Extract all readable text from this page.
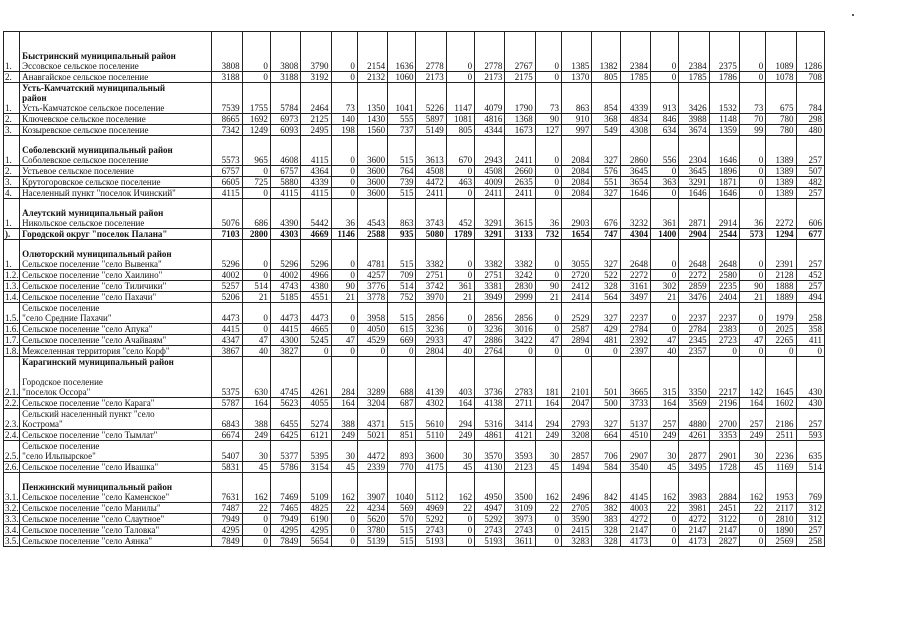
1.	Быстринский муниципальный район
Эссовское сельское поселение	3808	0	3808	3790	0	2154	1636	2778	0	2778	2767	0	1385	1382	2384	0	2384	2375	0	1089	1286
2.	Анавгайское сельское поселение	3188	0	3188	3192	0	2132	1060	2173	0	2173	2175	0	1370	805	1785	0	1785	1786	0	1078	708
1.	Усть-Камчатский муниципальный
район
Усть-Камчатское сельское поселение	7539	1755	5784	2464	73	1350	1041	5226	1147	4079	1790	73	863	854	4339	913	3426	1532	73	675	784
2.	Ключевское сельское поселение	8665	1692	6973	2125	140	1430	555	5897	1081	4816	1368	90	910	368	4834	846	3988	1148	70	780	298
3.	Козыревское сельское поселение	7342	1249	6093	2495	198	1560	737	5149	805	4344	1673	127	997	549	4308	634	3674	1359	99	780	480
1.	Соболевский муниципальный район
Соболевское сельское поселение	5573	965	4608	4115	0	3600	515	3613	670	2943	2411	0	2084	327	2860	556	2304	1646	0	1389	257
2.	Устьевое сельское поселение	6757	0	6757	4364	0	3600	764	4508	0	4508	2660	0	2084	576	3645	0	3645	1896	0	1389	507
3.	Крутогоровское сельское поселение	6605	725	5880	4339	0	3600	739	4472	463	4009	2635	0	2084	551	3654	363	3291	1871	0	1389	482
4.	Населенный пункт "поселок Ичинский"	4115	0	4115	4115	0	3600	515	2411	0	2411	2411	0	2084	327	1646	0	1646	1646	0	1389	257
1.	Алеутский муниципальный район
Никольское сельское поселение	5076	686	4390	5442	36	4543	863	3743	452	3291	3615	36	2903	676	3232	361	2871	2914	36	2272	606
).	Городской округ "поселок Палана"	7103	2800	4303	4669	1146	2588	935	5080	1789	3291	3133	732	1654	747	4304	1400	2904	2544	573	1294	677
1.	Олюторский муниципальный район
Сельское поселение "село Вывенка"	5296	0	5296	5296	0	4781	515	3382	0	3382	3382	0	3055	327	2648	0	2648	2648	0	2391	257
1.2.	Сельское поселение "село Хаилино"	4002	0	4002	4966	0	4257	709	2751	0	2751	3242	0	2720	522	2272	0	2272	2580	0	2128	452
1.3.	Сельское поселение "село Тиличики"	5257	514	4743	4380	90	3776	514	3742	361	3381	2830	90	2412	328	3161	302	2859	2235	90	1888	257
1.4.	Сельское поселение "село Пахачи"	5206	21	5185	4551	21	3778	752	3970	21	3949	2999	21	2414	564	3497	21	3476	2404	21	1889	494
1.5.	Сельское поселение
"село Средние Пахачи"	4473	0	4473	4473	0	3958	515	2856	0	2856	2856	0	2529	327	2237	0	2237	2237	0	1979	258
1.6.	Сельское поселение "село Апука"	4415	0	4415	4665	0	4050	615	3236	0	3236	3016	0	2587	429	2784	0	2784	2383	0	2025	358
1.7.	Сельское поселение "село Ачайваям"	4347	47	4300	5245	47	4529	669	2933	47	2886	3422	47	2894	481	2392	47	2345	2723	47	2265	411
1.8.	Межселенная территория "село Корф"	3867	40	3827	0	0	0	0	2804	40	2764	0	0	0	0	2397	40	2357	0	0	0	0
2.1.	Карагинский муниципальный район

Городское поселение
"поселок Оссора"	5375	630	4745	4261	284	3289	688	4139	403	3736	2783	181	2101	501	3665	315	3350	2217	142	1645	430
2.2.	Сельское поселение "село Карага"	5787	164	5623	4055	164	3204	687	4302	164	4138	2711	164	2047	500	3733	164	3569	2196	164	1602	430
2.3.	Сельский населенный пункт "село
Кострома"	6843	388	6455	5274	388	4371	515	5610	294	5316	3414	294	2793	327	5137	257	4880	2700	257	2186	257
2.4.	Сельское поселение "село Тымлат"	6674	249	6425	6121	249	5021	851	5110	249	4861	4121	249	3208	664	4510	249	4261	3353	249	2511	593
2.5.	Сельское поселение
"село Ильпырское"	5407	30	5377	5395	30	4472	893	3600	30	3570	3593	30	2857	706	2907	30	2877	2901	30	2236	635
2.6.	Сельское поселение "село Ивашка"	5831	45	5786	3154	45	2339	770	4175	45	4130	2123	45	1494	584	3540	45	3495	1728	45	1169	514
3.1.	Пенжинский муниципальный район
Сельское поселение "село Каменское"	7631	162	7469	5109	162	3907	1040	5112	162	4950	3500	162	2496	842	4145	162	3983	2884	162	1953	769
3.2.	Сельское поселение "село Манилы"	7487	22	7465	4825	22	4234	569	4969	22	4947	3109	22	2705	382	4003	22	3981	2451	22	2117	312
3.3.	Сельское поселение "село Слаутное"	7949	0	7949	6190	0	5620	570	5292	0	5292	3973	0	3590	383	4272	0	4272	3122	0	2810	312
3.4.	Сельское поселение "село Таловка"	4295	0	4295	4295	0	3780	515	2743	0	2743	2743	0	2415	328	2147	0	2147	2147	0	1890	257
3.5.	Сельское поселение "село Аянка"	7849	0	7849	5654	0	5139	515	5193	0	5193	3611	0	3283	328	4173	0	4173	2827	0	2569	258
